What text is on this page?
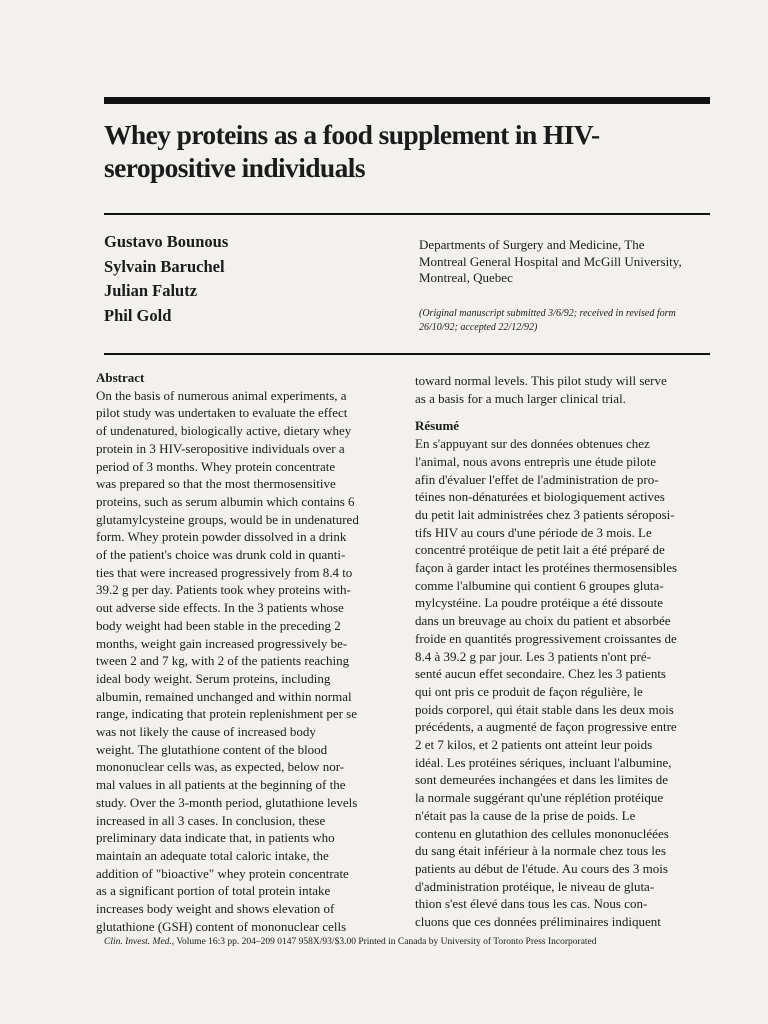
Whey proteins as a food supplement in HIV-
seropositive individuals
Gustavo Bounous
Sylvain Baruchel
Julian Falutz
Phil Gold
Departments of Surgery and Medicine, The
Montreal General Hospital and McGill University,
Montreal, Quebec
(Original manuscript submitted 3/6/92; received in revised form
26/10/92; accepted 22/12/92)
Abstract
On the basis of numerous animal experiments, a
pilot study was undertaken to evaluate the effect
of undenatured, biologically active, dietary whey
protein in 3 HIV-seropositive individuals over a
period of 3 months. Whey protein concentrate
was prepared so that the most thermosensitive
proteins, such as serum albumin which contains 6
glutamylcysteine groups, would be in undenatured
form. Whey protein powder dissolved in a drink
of the patient's choice was drunk cold in quanti-
ties that were increased progressively from 8.4 to
39.2 g per day. Patients took whey proteins with-
out adverse side effects. In the 3 patients whose
body weight had been stable in the preceding 2
months, weight gain increased progressively be-
tween 2 and 7 kg, with 2 of the patients reaching
ideal body weight. Serum proteins, including
albumin, remained unchanged and within normal
range, indicating that protein replenishment per se
was not likely the cause of increased body
weight. The glutathione content of the blood
mononuclear cells was, as expected, below nor-
mal values in all patients at the beginning of the
study. Over the 3-month period, glutathione levels
increased in all 3 cases. In conclusion, these
preliminary data indicate that, in patients who
maintain an adequate total caloric intake, the
addition of "bioactive" whey protein concentrate
as a significant portion of total protein intake
increases body weight and shows elevation of
glutathione (GSH) content of mononuclear cells
toward normal levels. This pilot study will serve
as a basis for a much larger clinical trial.
Résumé
En s'appuyant sur des données obtenues chez
l'animal, nous avons entrepris une étude pilote
afin d'évaluer l'effet de l'administration de pro-
téines non-dénaturées et biologiquement actives
du petit lait administrées chez 3 patients séroposi-
tifs HIV au cours d'une période de 3 mois. Le
concentré protéique de petit lait a été préparé de
façon à garder intact les protéines thermosensibles
comme l'albumine qui contient 6 groupes gluta-
mylcystéine. La poudre protéique a été dissoute
dans un breuvage au choix du patient et absorbée
froide en quantités progressivement croissantes de
8.4 à 39.2 g par jour. Les 3 patients n'ont pré-
senté aucun effet secondaire. Chez les 3 patients
qui ont pris ce produit de façon régulière, le
poids corporel, qui était stable dans les deux mois
précédents, a augmenté de façon progressive entre
2 et 7 kilos, et 2 patients ont atteint leur poids
idéal. Les protéines sériques, incluant l'albumine,
sont demeurées inchangées et dans les limites de
la normale suggérant qu'une réplétion protéique
n'était pas la cause de la prise de poids. Le
contenu en glutathion des cellules mononucléées
du sang était inférieur à la normale chez tous les
patients au début de l'étude. Au cours des 3 mois
d'administration protéique, le niveau de gluta-
thion s'est élevé dans tous les cas. Nous con-
cluons que ces données préliminaires indiquent
Clin. Invest. Med., Volume 16:3 pp. 204–209 0147 958X/93/$3.00 Printed in Canada by University of Toronto Press Incorporated
